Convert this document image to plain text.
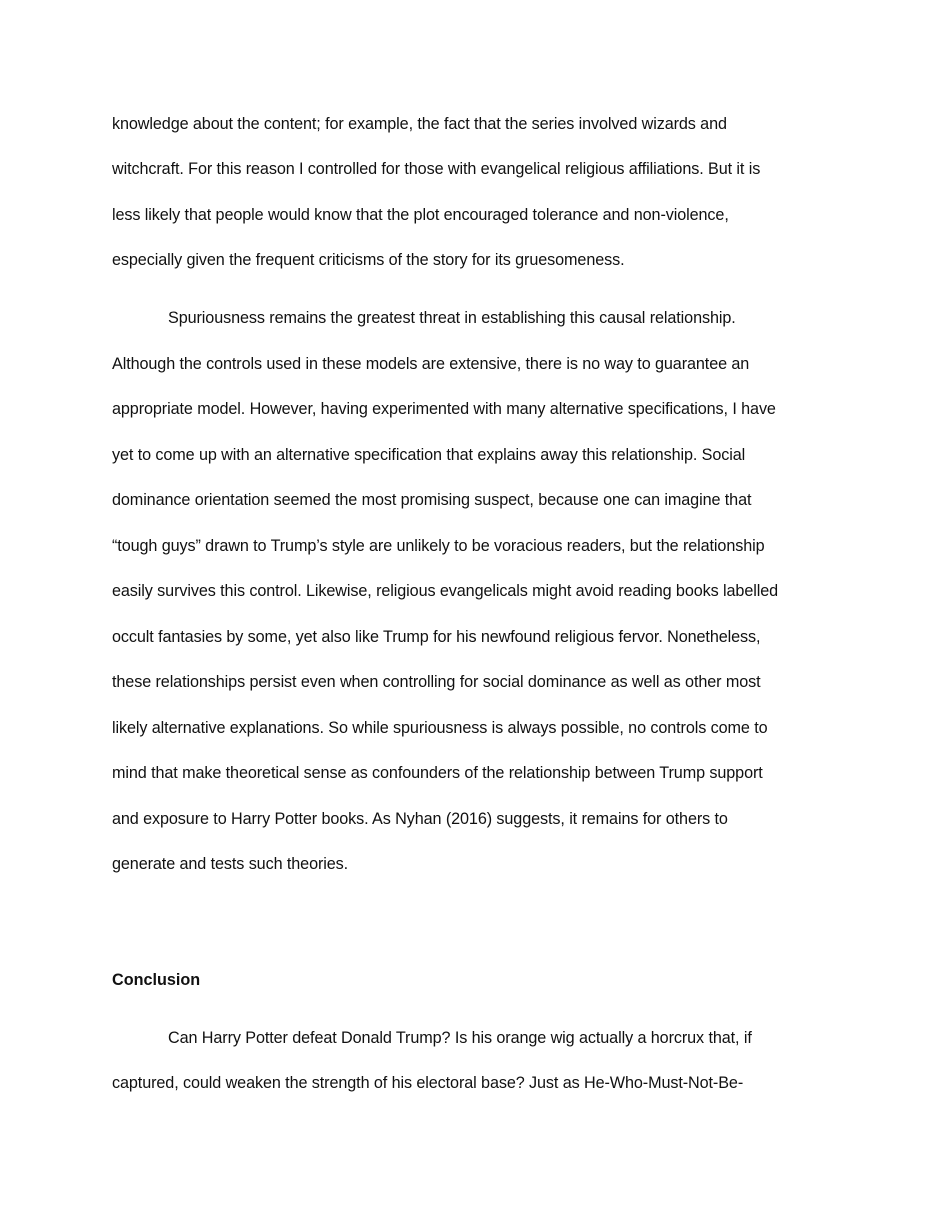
knowledge about the content; for example, the fact that the series involved wizards and
witchcraft. For this reason I controlled for those with evangelical religious affiliations. But it is
less likely that people would know that the plot encouraged tolerance and non-violence,
especially given the frequent criticisms of the story for its gruesomeness.
Spuriousness remains the greatest threat in establishing this causal relationship.
Although the controls used in these models are extensive, there is no way to guarantee an
appropriate model. However, having experimented with many alternative specifications, I have
yet to come up with an alternative specification that explains away this relationship. Social
dominance orientation seemed the most promising suspect, because one can imagine that
“tough guys” drawn to Trump’s style are unlikely to be voracious readers, but the relationship
easily survives this control. Likewise, religious evangelicals might avoid reading books labelled
occult fantasies by some, yet also like Trump for his newfound religious fervor. Nonetheless,
these relationships persist even when controlling for social dominance as well as other most
likely alternative explanations. So while spuriousness is always possible, no controls come to
mind that make theoretical sense as confounders of the relationship between Trump support
and exposure to Harry Potter books. As Nyhan (2016) suggests, it remains for others to
generate and tests such theories.
Conclusion
Can Harry Potter defeat Donald Trump? Is his orange wig actually a horcrux that, if
captured, could weaken the strength of his electoral base? Just as He-Who-Must-Not-Be-
